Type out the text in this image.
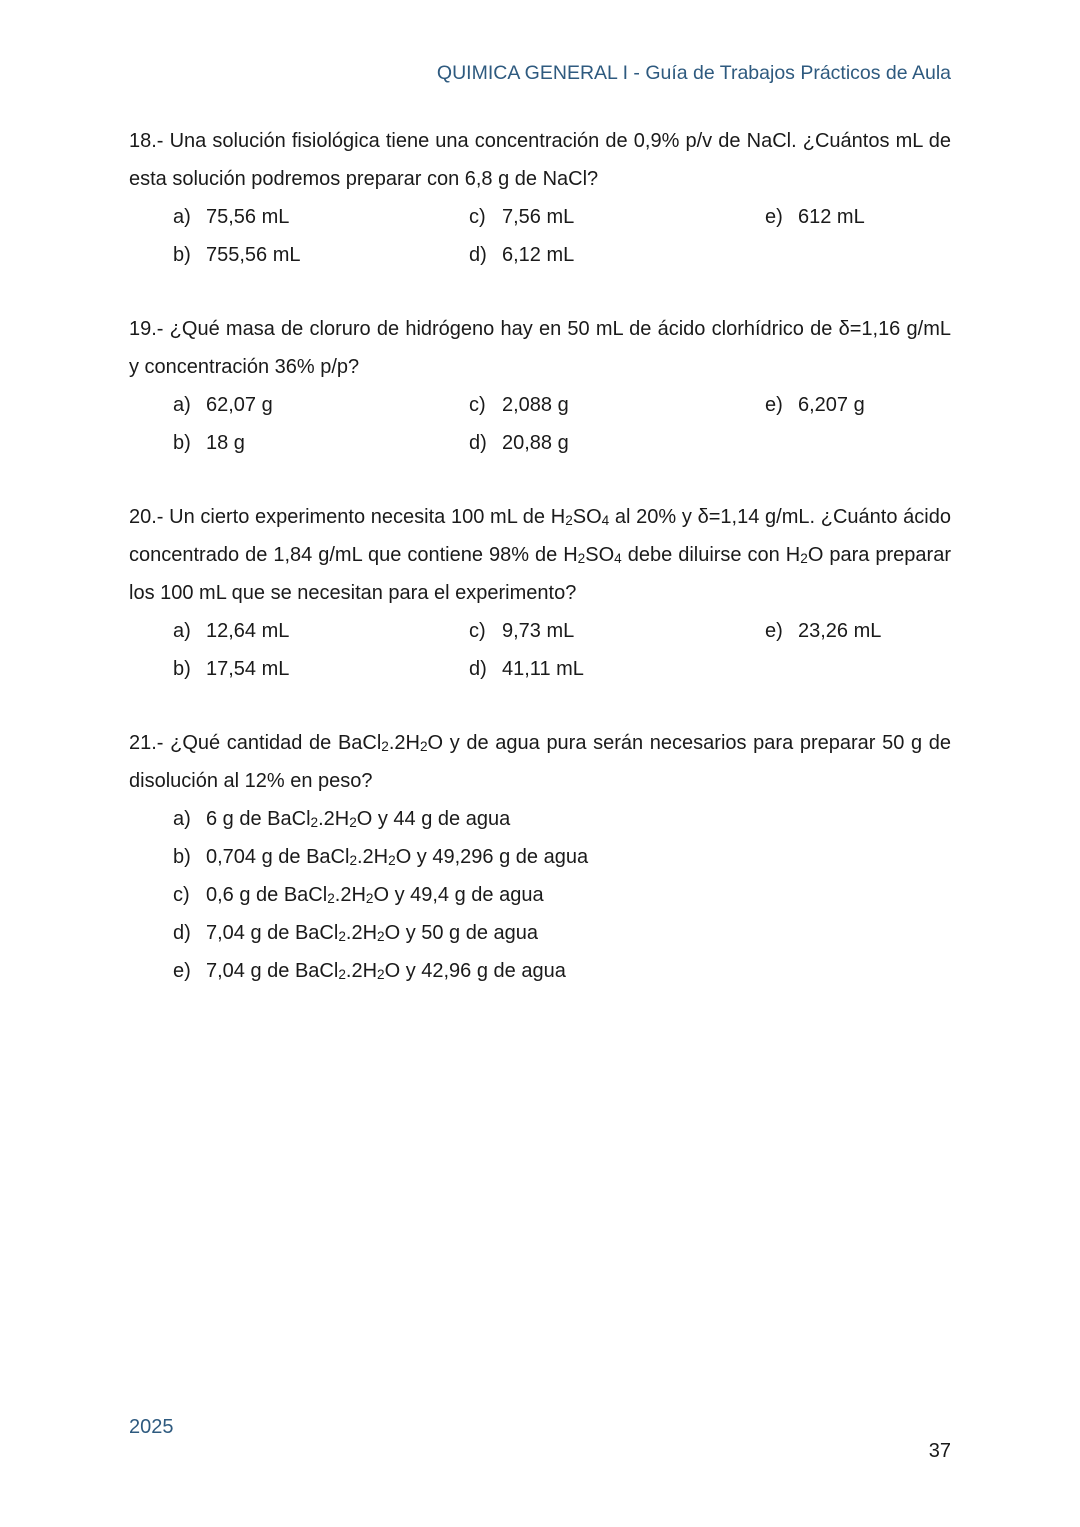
QUIMICA GENERAL I - Guía de Trabajos Prácticos de Aula
18.- Una solución fisiológica tiene una concentración de 0,9% p/v de NaCl. ¿Cuántos mL de esta solución podremos preparar con 6,8 g de NaCl?
a) 75,56 mL	c) 7,56 mL	e) 612 mL
b) 755,56 mL	d) 6,12 mL
19.- ¿Qué masa de cloruro de hidrógeno hay en 50 mL de ácido clorhídrico de δ=1,16 g/mL y concentración 36% p/p?
a) 62,07 g	c) 2,088 g	e) 6,207 g
b) 18 g	d) 20,88 g
20.- Un cierto experimento necesita 100 mL de $H_2SO_4$ al 20% y δ=1,14 g/mL. ¿Cuánto ácido concentrado de 1,84 g/mL que contiene 98% de $H_2SO_4$ debe diluirse con $H_2O$ para preparar los 100 mL que se necesitan para el experimento?
a) 12,64 mL	c) 9,73 mL	e) 23,26 mL
b) 17,54 mL	d) 41,11 mL
21.- ¿Qué cantidad de $BaCl_2.2H_2O$ y de agua pura serán necesarios para preparar 50 g de disolución al 12% en peso?
a) 6 g de $BaCl_2.2H_2O$ y 44 g de agua
b) 0,704 g de $BaCl_2.2H_2O$ y 49,296 g de agua
c) 0,6 g de $BaCl_2.2H_2O$ y 49,4 g de agua
d) 7,04 g de $BaCl_2.2H_2O$ y 50 g de agua
e) 7,04 g de $BaCl_2.2H_2O$ y 42,96 g de agua
2025
37
